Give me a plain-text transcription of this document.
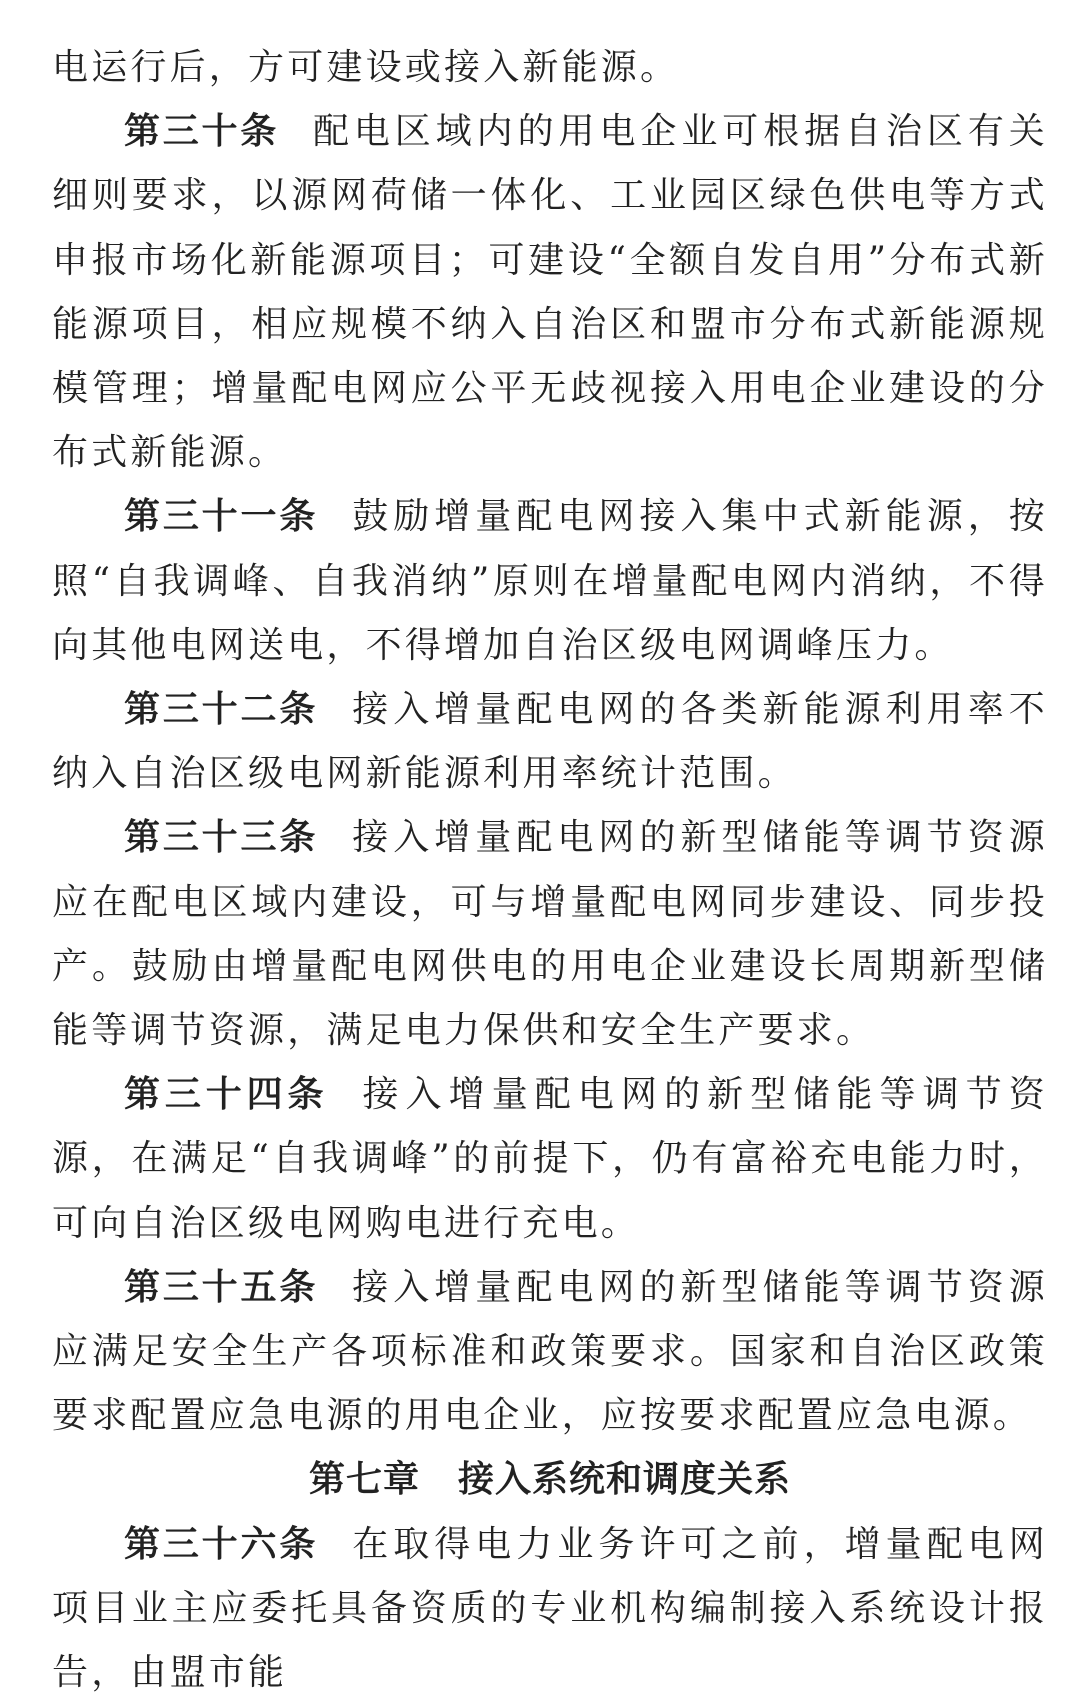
电运行后，方可建设或接入新能源。

第三十条 配电区域内的用电企业可根据自治区有关细则要求，以源网荷储一体化、工业园区绿色供电等方式申报市场化新能源项目；可建设“全额自发自用”分布式新能源项目，相应规模不纳入自治区和盟市分布式新能源规模管理；增量配电网应公平无歧视接入用电企业建设的分布式新能源。

第三十一条 鼓励增量配电网接入集中式新能源，按照“自我调峰、自我消纳”原则在增量配电网内消纳，不得向其他电网送电，不得增加自治区级电网调峰压力。

第三十二条 接入增量配电网的各类新能源利用率不纳入自治区级电网新能源利用率统计范围。

第三十三条 接入增量配电网的新型储能等调节资源应在配电区域内建设，可与增量配电网同步建设、同步投产。鼓励由增量配电网供电的用电企业建设长周期新型储能等调节资源，满足电力保供和安全生产要求。

第三十四条 接入增量配电网的新型储能等调节资源，在满足“自我调峰”的前提下，仍有富裕充电能力时，可向自治区级电网购电进行充电。

第三十五条 接入增量配电网的新型储能等调节资源应满足安全生产各项标准和政策要求。国家和自治区政策要求配置应急电源的用电企业，应按要求配置应急电源。

第七章 接入系统和调度关系

第三十六条 在取得电力业务许可之前，增量配电网项目业主应委托具备资质的专业机构编制接入系统设计报告，由盟市能
